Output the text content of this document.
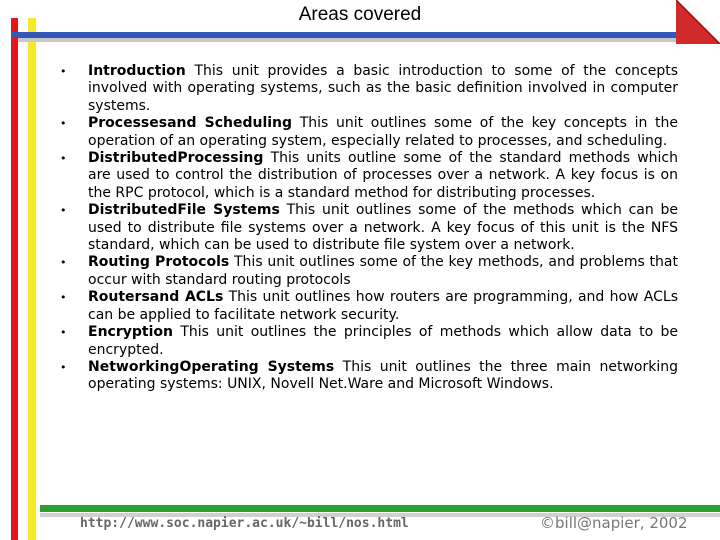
Areas covered
• Introduction This unit provides a basic introduction to some of the concepts involved with operating systems, such as the basic definition involved in computer systems.
• Processesand Scheduling This unit outlines some of the key concepts in the operation of an operating system, especially related to processes, and scheduling.
• DistributedProcessing This units outline some of the standard methods which are used to control the distribution of processes over a network. A key focus is on the RPC protocol, which is a standard method for distributing processes.
• DistributedFile Systems This unit outlines some of the methods which can be used to distribute file systems over a network. A key focus of this unit is the NFS standard, which can be used to distribute file system over a network.
• Routing Protocols This unit outlines some of the key methods, and problems that occur with standard routing protocols
• Routersand ACLs This unit outlines how routers are programming, and how ACLs can be applied to facilitate network security.
• Encryption This unit outlines the principles of methods which allow data to be encrypted.
• NetworkingOperating Systems This unit outlines the three main networking operating systems: UNIX, Novell Net.Ware and Microsoft Windows.
http://www.soc.napier.ac.uk/~bill/nos.html	©bill@napier, 2002
